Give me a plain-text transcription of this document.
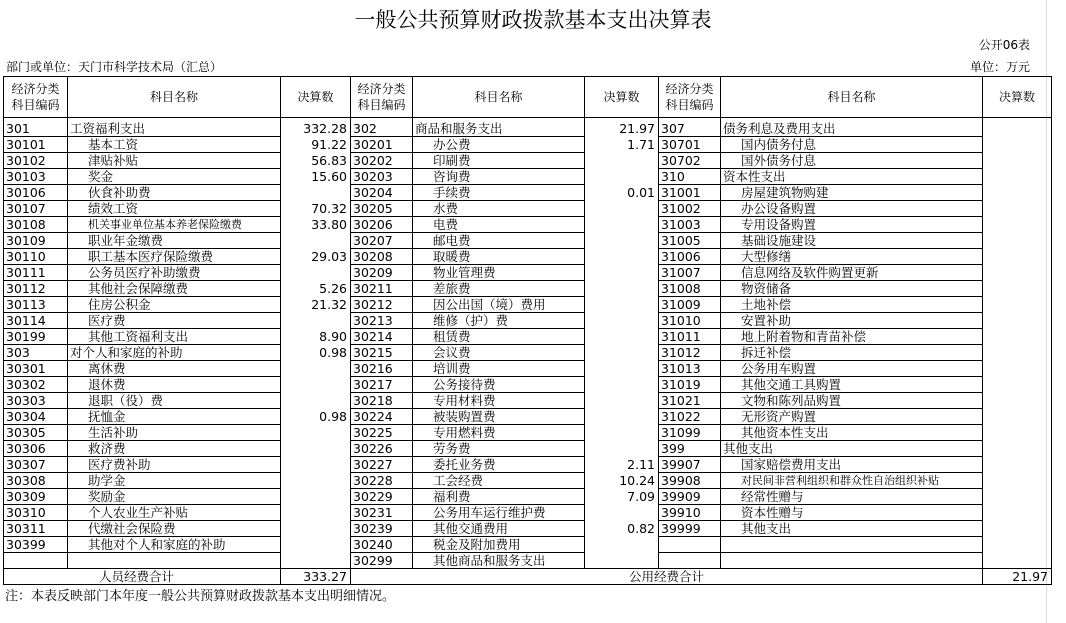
一般公共预算财政拨款基本支出决算表
公开06表
部门或单位：天门市科学技术局（汇总）	单位：万元
经济分类科目编码	科目名称	决算数	经济分类科目编码	科目名称	决算数	经济分类科目编码	科目名称	决算数

301	工资福利支出	332.28	302	商品和服务支出	21.97	307	债务利息及费用支出	
30101	基本工资	91.22	30201	办公费	1.71	30701	国内债务付息	
30102	津贴补贴	56.83	30202	印刷费		30702	国外债务付息	
30103	奖金	15.60	30203	咨询费		310	资本性支出	
30106	伙食补助费		30204	手续费	0.01	31001	房屋建筑物购建	
30107	绩效工资	70.32	30205	水费		31002	办公设备购置	
30108	机关事业单位基本养老保险缴费	33.80	30206	电费		31003	专用设备购置	
30109	职业年金缴费		30207	邮电费		31005	基础设施建设	
30110	职工基本医疗保险缴费	29.03	30208	取暖费		31006	大型修缮	
30111	公务员医疗补助缴费		30209	物业管理费		31007	信息网络及软件购置更新	
30112	其他社会保障缴费	5.26	30211	差旅费		31008	物资储备	
30113	住房公积金	21.32	30212	因公出国（境）费用		31009	土地补偿	
30114	医疗费		30213	维修（护）费		31010	安置补助	
30199	其他工资福利支出	8.90	30214	租赁费		31011	地上附着物和青苗补偿	
303	对个人和家庭的补助	0.98	30215	会议费		31012	拆迁补偿	
30301	离休费		30216	培训费		31013	公务用车购置	
30302	退休费		30217	公务接待费		31019	其他交通工具购置	
30303	退职（役）费		30218	专用材料费		31021	文物和陈列品购置	
30304	抚恤金	0.98	30224	被装购置费		31022	无形资产购置	
30305	生活补助		30225	专用燃料费		31099	其他资本性支出	
30306	救济费		30226	劳务费		399	其他支出	
30307	医疗费补助		30227	委托业务费	2.11	39907	国家赔偿费用支出	
30308	助学金		30228	工会经费	10.24	39908	对民间非营利组织和群众性自治组织补贴	
30309	奖励金		30229	福利费	7.09	39909	经常性赠与	
30310	个人农业生产补贴		30231	公务用车运行维护费		39910	资本性赠与	
30311	代缴社会保险费		30239	其他交通费用	0.82	39999	其他支出	
30399	其他对个人和家庭的补助		30240	税金及附加费用				
			30299	其他商品和服务支出				
人员经费合计		333.27	公用经费合计					21.97
注：本表反映部门本年度一般公共预算财政拨款基本支出明细情况。
